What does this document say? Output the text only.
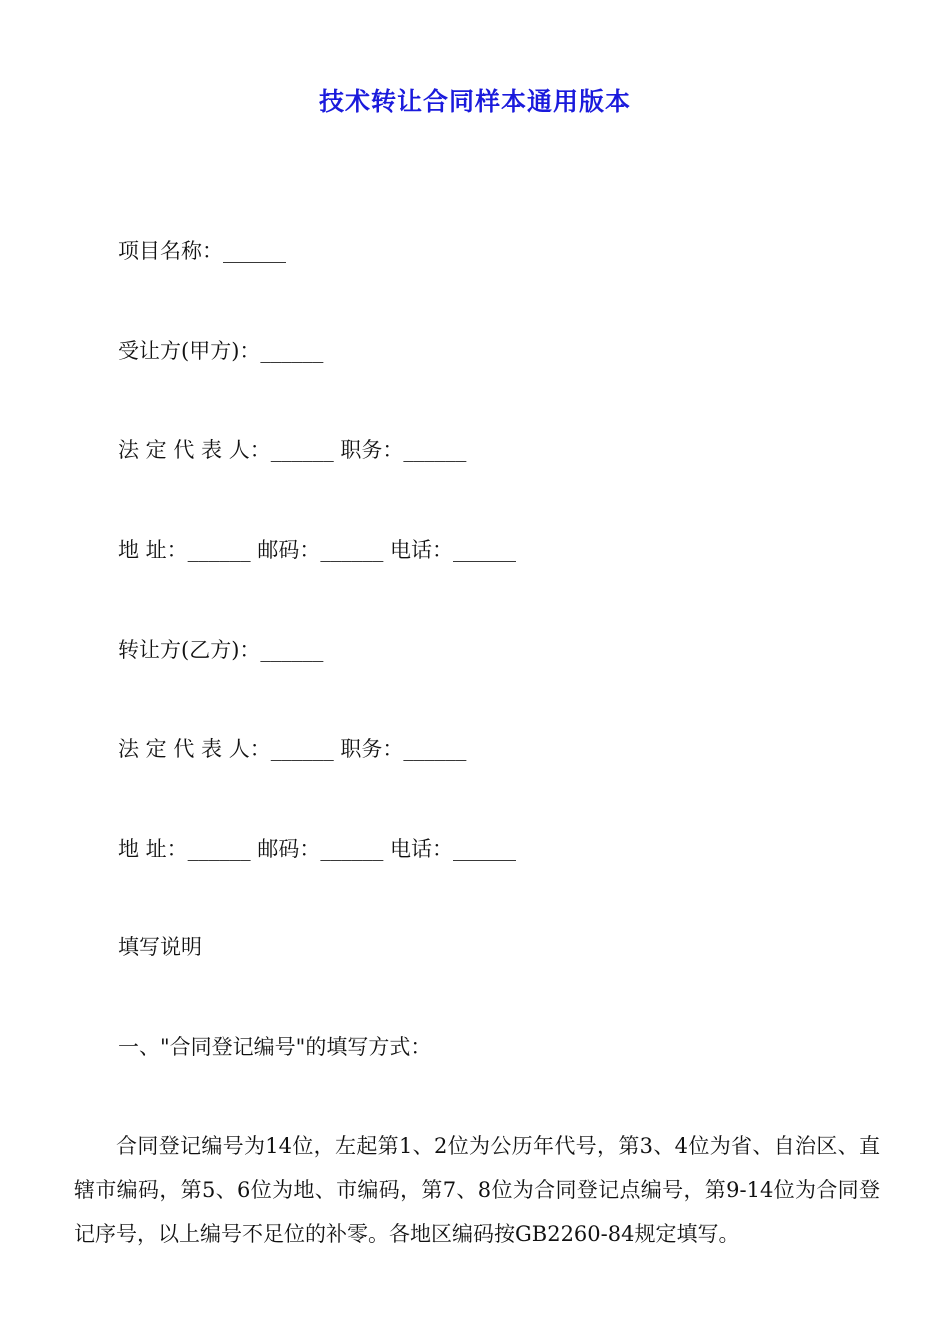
技术转让合同样本通用版本
项目名称：______
受让方(甲方)：______
法 定 代 表 人：______ 职务：______
地 址：______ 邮码：______ 电话：______
转让方(乙方)：______
法 定 代 表 人：______ 职务：______
地 址：______ 邮码：______ 电话：______
填写说明
一、"合同登记编号"的填写方式：
合同登记编号为14位，左起第1、2位为公历年代号，第3、4位为省、自治区、直辖市编码，第5、6位为地、市编码，第7、8位为合同登记点编号，第9-14位为合同登记序号，以上编号不足位的补零。各地区编码按GB2260-84规定填写。
